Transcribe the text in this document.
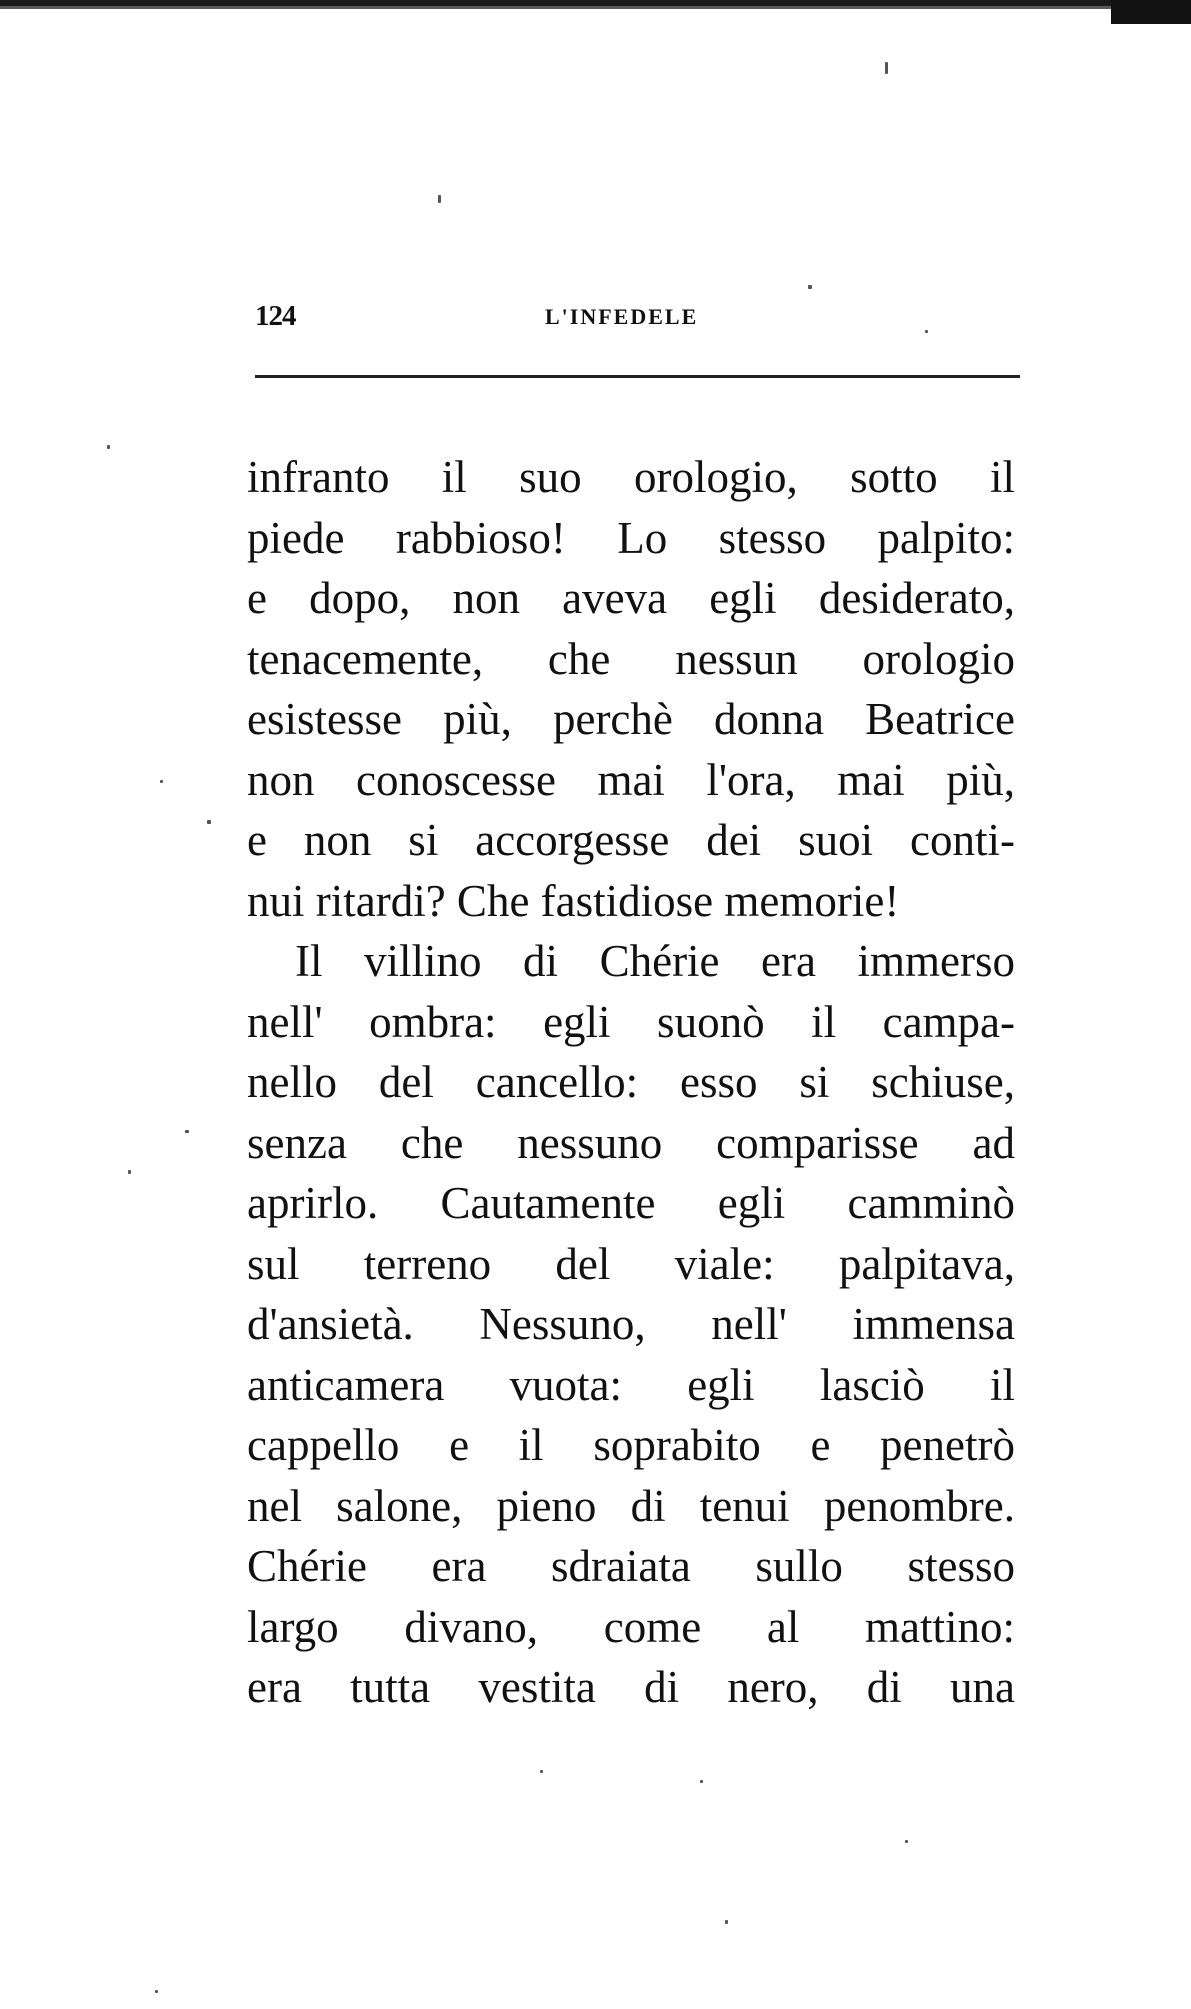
124	L'INFEDELE
infranto il suo orologio, sotto il
piede rabbioso! Lo stesso palpito:
e dopo, non aveva egli desiderato,
tenacemente, che nessun orologio
esistesse più, perchè donna Beatrice
non conoscesse mai l'ora, mai più,
e non si accorgesse dei suoi conti-
nui ritardi? Che fastidiose memorie!
Il villino di Chérie era immerso
nell' ombra: egli suonò il campa-
nello del cancello: esso si schiuse,
senza che nessuno comparisse ad
aprirlo. Cautamente egli camminò
sul terreno del viale: palpitava,
d'ansietà. Nessuno, nell' immensa
anticamera vuota: egli lasciò il
cappello e il soprabito e penetrò
nel salone, pieno di tenui penombre.
Chérie era sdraiata sullo stesso
largo divano, come al mattino:
era tutta vestita di nero, di una
